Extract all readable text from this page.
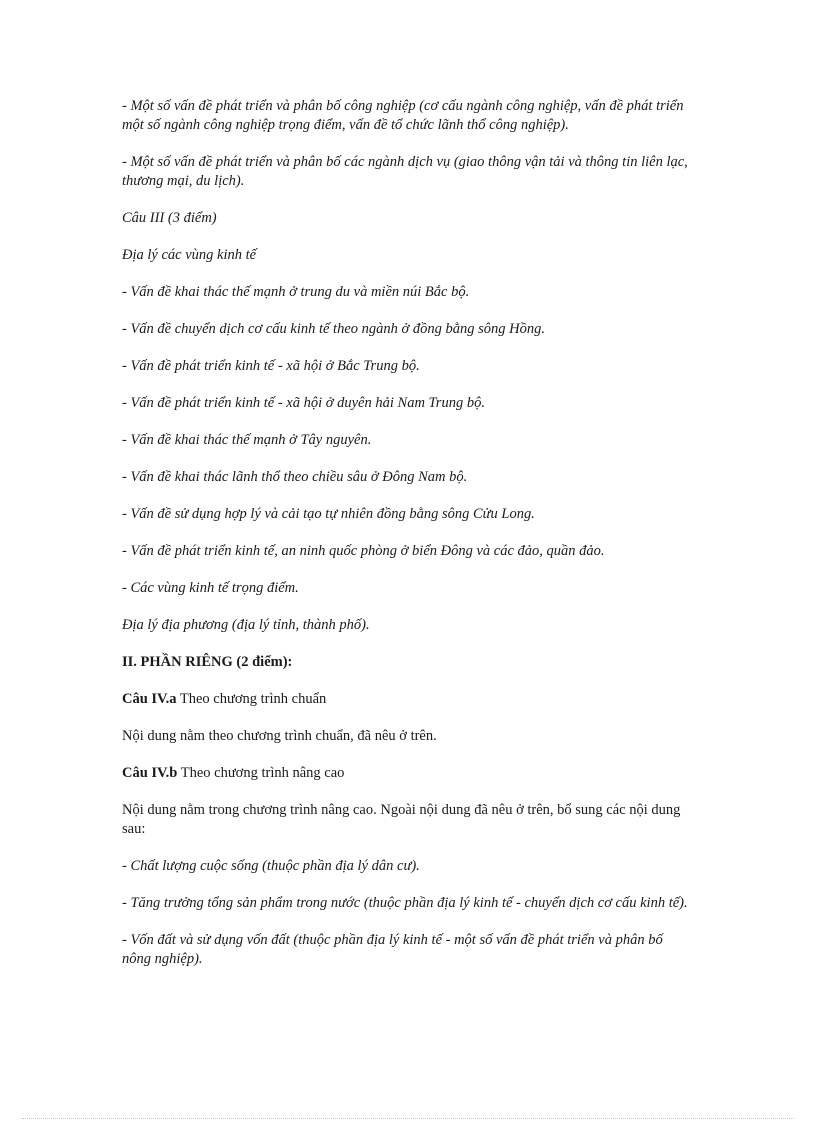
- Một số vấn đề phát triển và phân bố công nghiệp (cơ cấu ngành công nghiệp, vấn đề phát triển một số ngành công nghiệp trọng điểm, vấn đề tổ chức lãnh thổ công nghiệp).

- Một số vấn đề phát triển và phân bố các ngành dịch vụ (giao thông vận tải và thông tin liên lạc, thương mại, du lịch).

Câu III (3 điểm)

Địa lý các vùng kinh tế

- Vấn đề khai thác thế mạnh ở trung du và miền núi Bắc bộ.

- Vấn đề chuyển dịch cơ cấu kinh tế theo ngành ở đồng bằng sông Hồng.

- Vấn đề phát triển kinh tế - xã hội ở Bắc Trung bộ.

- Vấn đề phát triển kinh tế - xã hội ở duyên hải Nam Trung bộ.

- Vấn đề khai thác thế mạnh ở Tây nguyên.

- Vấn đề khai thác lãnh thổ theo chiều sâu ở Đông Nam bộ.

- Vấn đề sử dụng hợp lý và cải tạo tự nhiên đồng bằng sông Cửu Long.

- Vấn đề phát triển kinh tế, an ninh quốc phòng ở biển Đông và các đảo, quần đảo.

- Các vùng kinh tế trọng điểm.

Địa lý địa phương (địa lý tỉnh, thành phố).

II. PHẦN RIÊNG (2 điểm):

Câu IV.a Theo chương trình chuẩn

Nội dung nằm theo chương trình chuẩn, đã nêu ở trên.

Câu IV.b Theo chương trình nâng cao

Nội dung nằm trong chương trình nâng cao. Ngoài nội dung đã nêu ở trên, bổ sung các nội dung sau:

- Chất lượng cuộc sống (thuộc phần địa lý dân cư).

- Tăng trưởng tổng sản phẩm trong nước (thuộc phần địa lý kinh tế - chuyển dịch cơ cấu kinh tế).

- Vốn đất và sử dụng vốn đất (thuộc phần địa lý kinh tế - một số vấn đề phát triển và phân bố nông nghiệp).
